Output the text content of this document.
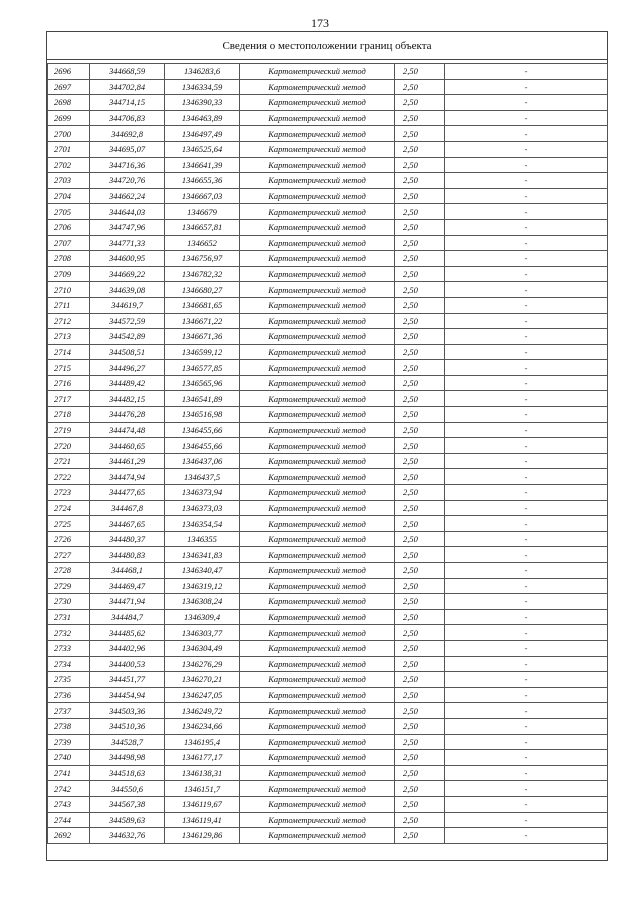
173
Сведения о местоположении границ объекта
2696	344668,59	1346283,6	Картометрический метод	2,50	-
2697	344702,84	1346334,59	Картометрический метод	2,50	-
2698	344714,15	1346390,33	Картометрический метод	2,50	-
2699	344706,83	1346463,89	Картометрический метод	2,50	-
2700	344692,8	1346497,49	Картометрический метод	2,50	-
2701	344695,07	1346525,64	Картометрический метод	2,50	-
2702	344716,36	1346641,39	Картометрический метод	2,50	-
2703	344720,76	1346655,36	Картометрический метод	2,50	-
2704	344662,24	1346667,03	Картометрический метод	2,50	-
2705	344644,03	1346679	Картометрический метод	2,50	-
2706	344747,96	1346657,81	Картометрический метод	2,50	-
2707	344771,33	1346652	Картометрический метод	2,50	-
2708	344600,95	1346756,97	Картометрический метод	2,50	-
2709	344669,22	1346782,32	Картометрический метод	2,50	-
2710	344639,08	1346680,27	Картометрический метод	2,50	-
2711	344619,7	1346681,65	Картометрический метод	2,50	-
2712	344572,59	1346671,22	Картометрический метод	2,50	-
2713	344542,89	1346671,36	Картометрический метод	2,50	-
2714	344508,51	1346599,12	Картометрический метод	2,50	-
2715	344496,27	1346577,85	Картометрический метод	2,50	-
2716	344489,42	1346565,96	Картометрический метод	2,50	-
2717	344482,15	1346541,89	Картометрический метод	2,50	-
2718	344476,28	1346516,98	Картометрический метод	2,50	-
2719	344474,48	1346455,66	Картометрический метод	2,50	-
2720	344460,65	1346455,66	Картометрический метод	2,50	-
2721	344461,29	1346437,06	Картометрический метод	2,50	-
2722	344474,94	1346437,5	Картометрический метод	2,50	-
2723	344477,65	1346373,94	Картометрический метод	2,50	-
2724	344467,8	1346373,03	Картометрический метод	2,50	-
2725	344467,65	1346354,54	Картометрический метод	2,50	-
2726	344480,37	1346355	Картометрический метод	2,50	-
2727	344480,83	1346341,83	Картометрический метод	2,50	-
2728	344468,1	1346340,47	Картометрический метод	2,50	-
2729	344469,47	1346319,12	Картометрический метод	2,50	-
2730	344471,94	1346308,24	Картометрический метод	2,50	-
2731	344484,7	1346309,4	Картометрический метод	2,50	-
2732	344485,62	1346303,77	Картометрический метод	2,50	-
2733	344402,96	1346304,49	Картометрический метод	2,50	-
2734	344400,53	1346276,29	Картометрический метод	2,50	-
2735	344451,77	1346270,21	Картометрический метод	2,50	-
2736	344454,94	1346247,05	Картометрический метод	2,50	-
2737	344503,36	1346249,72	Картометрический метод	2,50	-
2738	344510,36	1346234,66	Картометрический метод	2,50	-
2739	344528,7	1346195,4	Картометрический метод	2,50	-
2740	344498,98	1346177,17	Картометрический метод	2,50	-
2741	344518,63	1346138,31	Картометрический метод	2,50	-
2742	344550,6	1346151,7	Картометрический метод	2,50	-
2743	344567,38	1346119,67	Картометрический метод	2,50	-
2744	344589,63	1346119,41	Картометрический метод	2,50	-
2692	344632,76	1346129,86	Картометрический метод	2,50	-
